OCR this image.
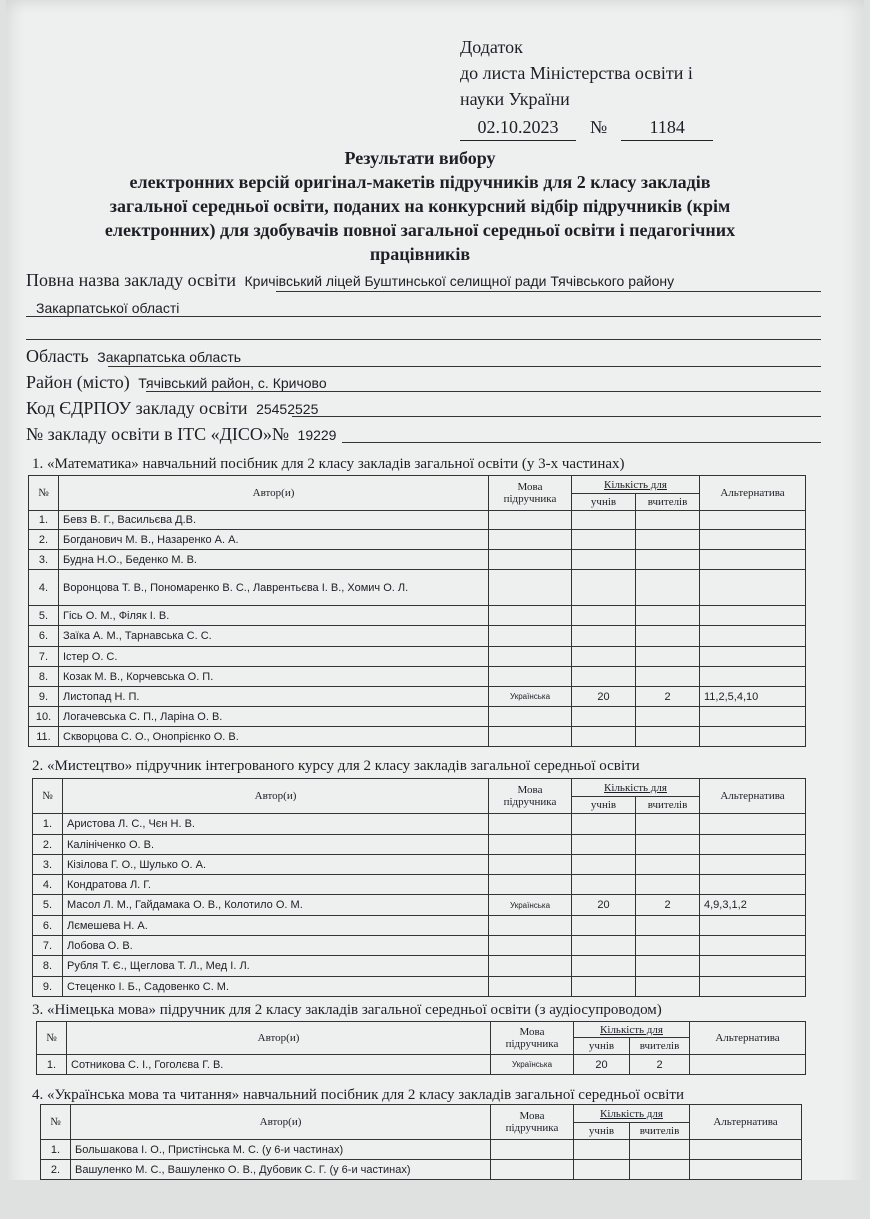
Додаток
до листа Міністерства освіти і
науки України
02.10.2023	№	1184
Результати вибору
електронних версій оригінал-макетів підручників для 2 класу закладів
загальної середньої освіти, поданих на конкурсний відбір підручників (крім
електронних) для здобувачів повної загальної середньої освіти і педагогічних
працівників
Повна назва закладу освіти Кричівський ліцей Буштинської селищної ради Тячівського району
Закарпатської області
Область Закарпатська область
Район (місто) Тячівський район, с. Кричово
Код ЄДРПОУ закладу освіти 25452525
№ закладу освіти в ІТС «ДІСО»№ 19229
1. «Математика» навчальний посібник для 2 класу закладів загальної освіти (у 3-х частинах)
№	Автор(и)	Мова підручника	Кількість для		Альтернатива
			учнів	вчителів	
1.	Бевз В. Г., Васильєва Д.В.				
2.	Богданович М. В., Назаренко А. А.				
3.	Будна Н.О., Беденко М. В.				
4.	Воронцова Т. В., Пономаренко В. С., Лаврентьєва І. В., Хомич О. Л.				
5.	Гісь О. М., Філяк І. В.				
6.	Заїка А. М., Тарнавська С. С.				
7.	Істер О. С.				
8.	Козак М. В., Корчевська О. П.				
9.	Листопад Н. П.	Українська	20	2	11,2,5,4,10
10.	Логачевська С. П., Ларіна О. В.				
11.	Скворцова С. О., Онопрієнко О. В.				
2. «Мистецтво» підручник інтегрованого курсу для 2 класу закладів загальної середньої освіти
№	Автор(и)	Мова підручника	Кількість для		Альтернатива
			учнів	вчителів	
1.	Аристова Л. С., Чєн Н. В.				
2.	Калініченко О. В.				
3.	Кізілова Г. О., Шулько О. А.				
4.	Кондратова Л. Г.				
5.	Масол Л. М., Гайдамака О. В., Колотило О. М.	Українська	20	2	4,9,3,1,2
6.	Лємешева Н. А.				
7.	Лобова О. В.				
8.	Рубля Т. Є., Щеглова Т. Л., Мед І. Л.				
9.	Стеценко І. Б., Садовенко С. М.				
3. «Німецька мова» підручник для 2 класу закладів загальної середньої освіти (з аудіосупроводом)
№	Автор(и)	Мова підручника	Кількість для		Альтернатива
			учнів	вчителів	
1.	Сотникова С. І., Гоголєва Г. В.	Українська	20	2	
4. «Українська мова та читання» навчальний посібник для 2 класу закладів загальної середньої освіти
№	Автор(и)	Мова підручника	Кількість для		Альтернатива
			учнів	вчителів	
1.	Большакова І. О., Пристінська М. С. (у 6-и частинах)				
2.	Вашуленко М. С., Вашуленко О. В., Дубовик С. Г. (у 6-и частинах)				
